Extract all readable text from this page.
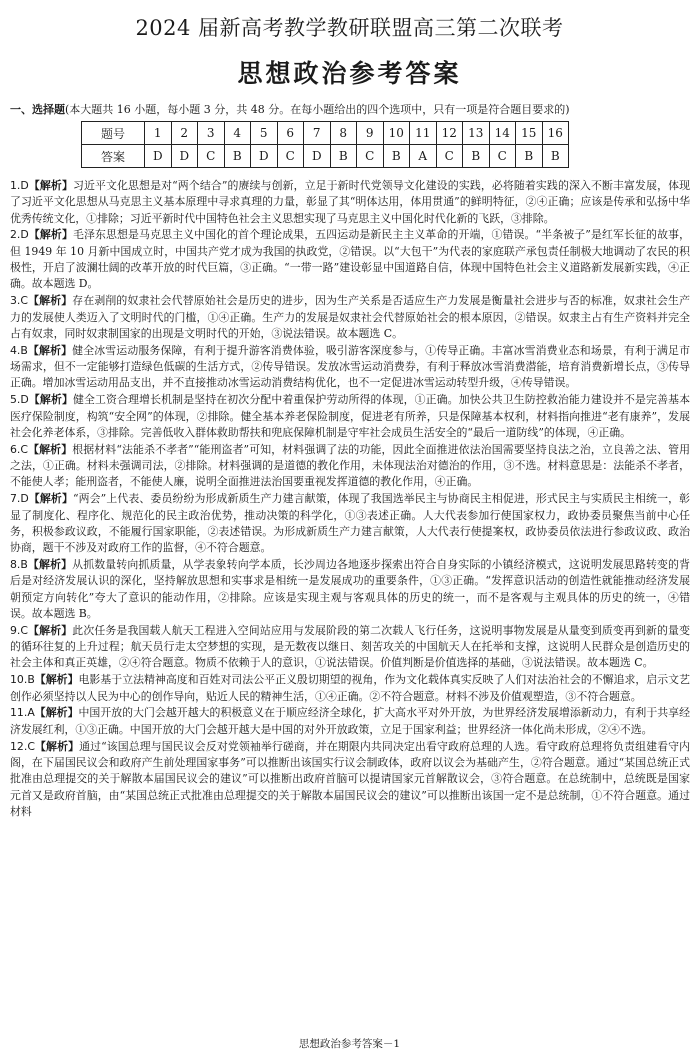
2024 届新高考教学教研联盟高三第二次联考
思想政治参考答案
一、选择题(本大题共 16 小题，每小题 3 分，共 48 分。在每小题给出的四个选项中，只有一项是符合题目要求的)
题号	1	2	3	4	5	6	7	8	9	10	11	12	13	14	15	16
答案	D	D	C	B	D	C	D	B	C	B	A	C	B	C	B	B

1.D【解析】习近平文化思想是对“两个结合”的赓续与创新，立足于新时代党领导文化建设的实践，必将随着实践的深入不断丰富发展，体现了习近平文化思想从马克思主义基本原理中寻求真理的力量，彰显了其“明体达用，体用贯通”的鲜明特征，②④正确；应该是传承和弘扬中华优秀传统文化，①排除；习近平新时代中国特色社会主义思想实现了马克思主义中国化时代化新的飞跃，③排除。

2.D【解析】毛泽东思想是马克思主义中国化的首个理论成果，五四运动是新民主主义革命的开端，①错误。“半条被子”是红军长征的故事，但 1949 年 10 月新中国成立时，中国共产党才成为我国的执政党，②错误。以“大包干”为代表的家庭联产承包责任制极大地调动了农民的积极性，开启了波澜壮阔的改革开放的时代巨篇，③正确。“一带一路”建设彰显中国道路自信，体现中国特色社会主义道路新发展新实践，④正确。故本题选 D。

3.C【解析】存在剥削的奴隶社会代替原始社会是历史的进步，因为生产关系是否适应生产力发展是衡量社会进步与否的标准，奴隶社会生产力的发展使人类迈入了文明时代的门槛，①④正确。生产力的发展是奴隶社会代替原始社会的根本原因，②错误。奴隶主占有生产资料并完全占有奴隶，同时奴隶制国家的出现是文明时代的开始，③说法错误。故本题选 C。

4.B【解析】健全冰雪运动服务保障，有利于提升游客消费体验，吸引游客深度参与，①传导正确。丰富冰雪消费业态和场景，有利于满足市场需求，但不一定能够打造绿色低碳的生活方式，②传导错误。发放冰雪运动消费券，有利于释放冰雪消费潜能，培育消费新增长点，③传导正确。增加冰雪运动用品支出，并不直接推动冰雪运动消费结构优化，也不一定促进冰雪运动转型升级，④传导错误。

5.D【解析】健全工资合理增长机制是坚持在初次分配中着重保护劳动所得的体现，①正确。加快公共卫生防控救治能力建设并不是完善基本医疗保险制度，构筑“安全网”的体现，②排除。健全基本养老保险制度，促进老有所养，只是保障基本权利，材料指向推进“老有康养”，发展社会化养老体系，③排除。完善低收入群体救助帮扶和兜底保障机制是守牢社会成员生活安全的“最后一道防线”的体现，④正确。

6.C【解析】根据材料“法能杀不孝者”“能刑盗者”可知，材料强调了法的功能，因此全面推进依法治国需要坚持良法之治，立良善之法、管用之法，①正确。材料未强调司法，②排除。材料强调的是道德的教化作用，未体现法治对德治的作用，③不选。材料意思是：法能杀不孝者，不能使人孝；能刑盗者，不能使人廉，说明全面推进法治国要重视发挥道德的教化作用，④正确。

7.D【解析】“两会”上代表、委员纷纷为形成新质生产力建言献策，体现了我国选举民主与协商民主相促进，形式民主与实质民主相统一，彰显了制度化、程序化、规范化的民主政治优势，推动决策的科学化，①③表述正确。人大代表参加行使国家权力，政协委员聚焦当前中心任务，积极参政议政，不能履行国家职能，②表述错误。为形成新质生产力建言献策，人大代表行使提案权，政协委员依法进行参政议政、政治协商，题干不涉及对政府工作的监督，④不符合题意。

8.B【解析】从抓数量转向抓质量，从学表象转向学本质，长沙周边各地逐步探索出符合自身实际的小镇经济模式，这说明发展思路转变的背后是对经济发展认识的深化，坚持解放思想和实事求是相统一是发展成功的重要条件，①③正确。“发挥意识活动的创造性就能推动经济发展朝预定方向转化”夸大了意识的能动作用，②排除。应该是实现主观与客观具体的历史的统一，而不是客观与主观具体的历史的统一，④错误。故本题选 B。

9.C【解析】此次任务是我国载人航天工程进入空间站应用与发展阶段的第二次载人飞行任务，这说明事物发展是从量变到质变再到新的量变的循环往复的上升过程；航天员行走太空梦想的实现，是无数夜以继日、刻苦攻关的中国航天人在托举和支撑，这说明人民群众是创造历史的社会主体和真正英雄，②④符合题意。物质不依赖于人的意识，①说法错误。价值判断是价值选择的基础，③说法错误。故本题选 C。

10.B【解析】电影基于立法精神高度和百姓对司法公平正义殷切期望的视角，作为文化载体真实反映了人们对法治社会的不懈追求，启示文艺创作必须坚持以人民为中心的创作导向，贴近人民的精神生活，①④正确。②不符合题意。材料不涉及价值观塑造，③不符合题意。

11.A【解析】中国开放的大门会越开越大的积极意义在于顺应经济全球化，扩大高水平对外开放，为世界经济发展增添新动力，有利于共享经济发展红利，①③正确。中国开放的大门会越开越大是中国的对外开放政策，立足于国家利益；世界经济一体化尚未形成，②④不选。

12.C【解析】通过“该国总理与国民议会反对党领袖举行磋商，并在期限内共同决定出看守政府总理的人选。看守政府总理将负责组建看守内阁，在下届国民议会和政府产生前处理国家事务”可以推断出该国实行议会制政体，政府以议会为基础产生，②符合题意。通过“某国总统正式批准由总理提交的关于解散本届国民议会的建议”可以推断出政府首脑可以提请国家元首解散议会，③符合题意。在总统制中，总统既是国家元首又是政府首脑，由“某国总统正式批准由总理提交的关于解散本届国民议会的建议”可以推断出该国一定不是总统制，①不符合题意。通过材料

思想政治参考答案－1
